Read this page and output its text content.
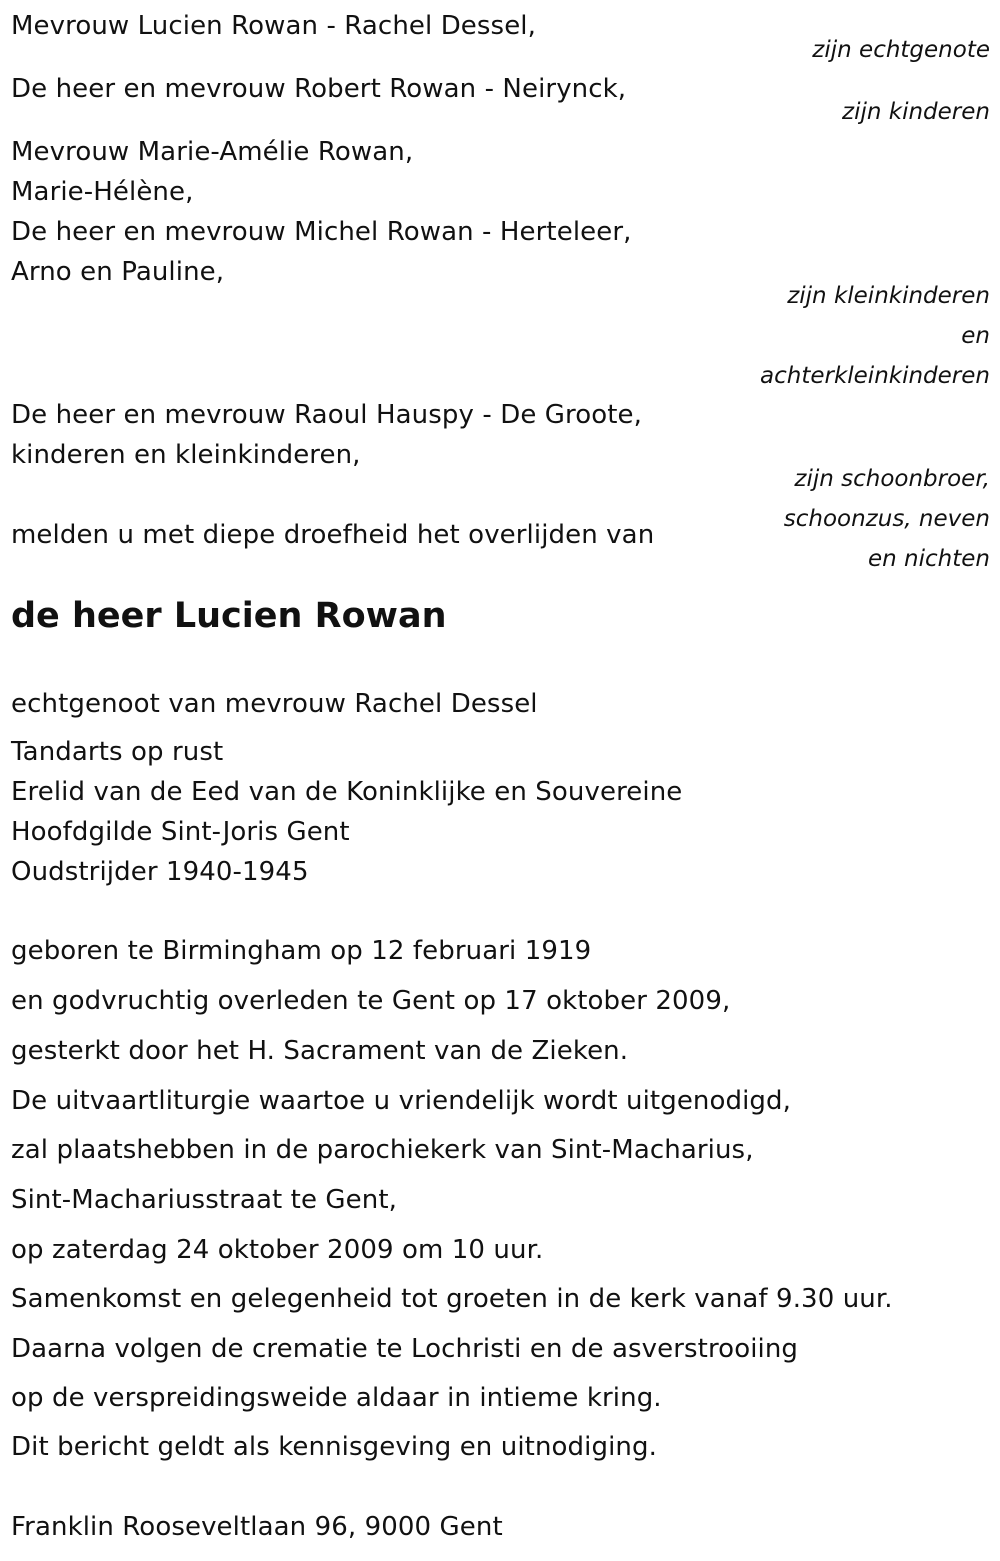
Mevrouw Lucien Rowan - Rachel Dessel,
zijn echtgenote
De heer en mevrouw Robert Rowan - Neirynck,
zijn kinderen
Mevrouw Marie-Amélie Rowan,
Marie-Hélène,
De heer en mevrouw Michel Rowan - Herteleer,
Arno en Pauline,
zijn kleinkinderen
en
achterkleinkinderen
De heer en mevrouw Raoul Hauspy - De Groote,
kinderen en kleinkinderen,
zijn schoonbroer,
schoonzus, neven
en nichten
melden u met diepe droefheid het overlijden van
de heer Lucien Rowan
echtgenoot van mevrouw Rachel Dessel
Tandarts op rust
Erelid van de Eed van de Koninklijke en Souvereine
Hoofdgilde Sint-Joris Gent
Oudstrijder 1940-1945
geboren te Birmingham op 12 februari 1919
en godvruchtig overleden te Gent op 17 oktober 2009,
gesterkt door het H. Sacrament van de Zieken.
De uitvaartliturgie waartoe u vriendelijk wordt uitgenodigd,
zal plaatshebben in de parochiekerk van Sint-Macharius,
Sint-Machariusstraat te Gent,
op zaterdag 24 oktober 2009 om 10 uur.
Samenkomst en gelegenheid tot groeten in de kerk vanaf 9.30 uur.
Daarna volgen de crematie te Lochristi en de asverstrooiing
op de verspreidingsweide aldaar in intieme kring.
Dit bericht geldt als kennisgeving en uitnodiging.
Franklin Rooseveltlaan 96, 9000 Gent
